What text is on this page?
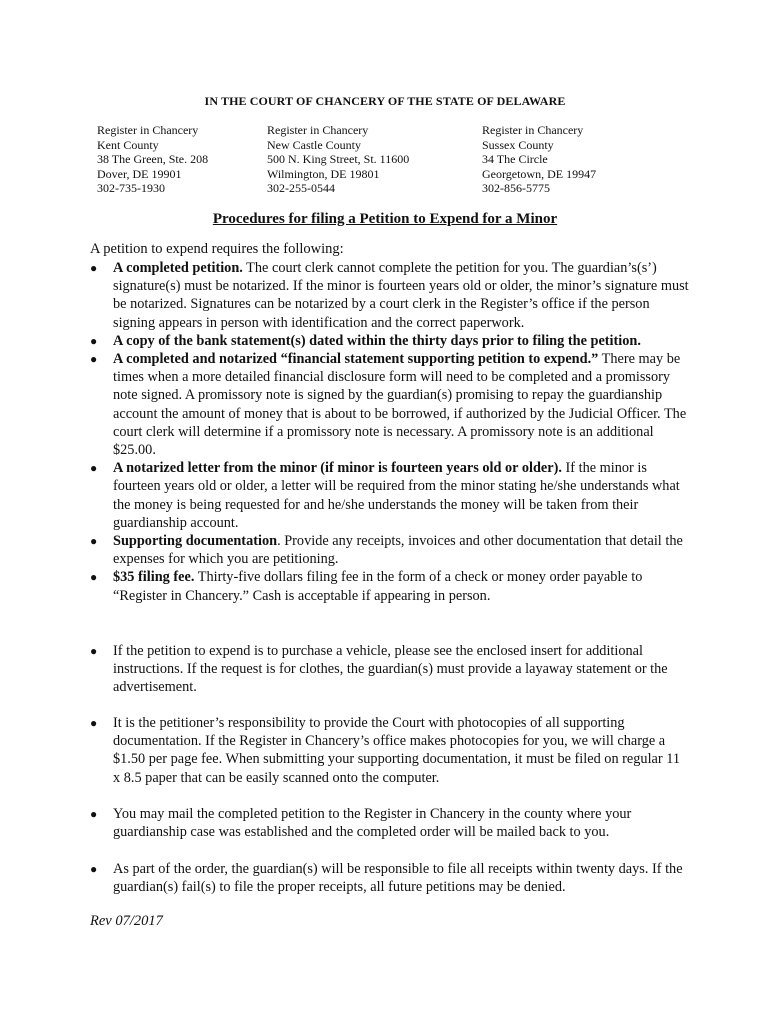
IN THE COURT OF CHANCERY OF THE STATE OF DELAWARE
Register in Chancery
Kent County
38 The Green, Ste. 208
Dover, DE 19901
302-735-1930
Register in Chancery
New Castle County
500 N. King Street, St. 11600
Wilmington, DE 19801
302-255-0544
Register in Chancery
Sussex County
34 The Circle
Georgetown, DE 19947
302-856-5775
Procedures for filing a Petition to Expend for a Minor
A petition to expend requires the following:
● A completed petition. The court clerk cannot complete the petition for you. The guardian’s(s’) signature(s) must be notarized. If the minor is fourteen years old or older, the minor’s signature must be notarized. Signatures can be notarized by a court clerk in the Register’s office if the person signing appears in person with identification and the correct paperwork.
● A copy of the bank statement(s) dated within the thirty days prior to filing the petition.
● A completed and notarized “financial statement supporting petition to expend.” There may be times when a more detailed financial disclosure form will need to be completed and a promissory note signed. A promissory note is signed by the guardian(s) promising to repay the guardianship account the amount of money that is about to be borrowed, if authorized by the Judicial Officer. The court clerk will determine if a promissory note is necessary. A promissory note is an additional $25.00.
● A notarized letter from the minor (if minor is fourteen years old or older). If the minor is fourteen years old or older, a letter will be required from the minor stating he/she understands what the money is being requested for and he/she understands the money will be taken from their guardianship account.
● Supporting documentation. Provide any receipts, invoices and other documentation that detail the expenses for which you are petitioning.
● $35 filing fee. Thirty-five dollars filing fee in the form of a check or money order payable to “Register in Chancery.” Cash is acceptable if appearing in person.
● If the petition to expend is to purchase a vehicle, please see the enclosed insert for additional instructions. If the request is for clothes, the guardian(s) must provide a layaway statement or the advertisement.
● It is the petitioner’s responsibility to provide the Court with photocopies of all supporting documentation. If the Register in Chancery’s office makes photocopies for you, we will charge a $1.50 per page fee. When submitting your supporting documentation, it must be filed on regular 11 x 8.5 paper that can be easily scanned onto the computer.
● You may mail the completed petition to the Register in Chancery in the county where your guardianship case was established and the completed order will be mailed back to you.
● As part of the order, the guardian(s) will be responsible to file all receipts within twenty days. If the guardian(s) fail(s) to file the proper receipts, all future petitions may be denied.
Rev 07/2017
